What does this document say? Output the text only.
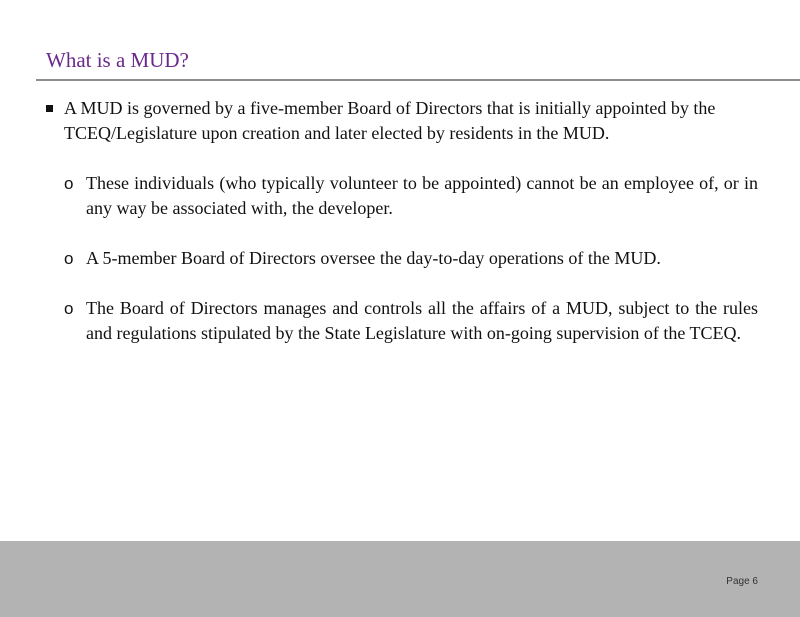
What is a MUD?
A MUD is governed by a five-member Board of Directors that is initially appointed by the TCEQ/Legislature upon creation and later elected by residents in the MUD.
o These individuals (who typically volunteer to be appointed) cannot be an employee of, or in any way be associated with, the developer.
o A 5-member Board of Directors oversee the day-to-day operations of the MUD.
o The Board of Directors manages and controls all the affairs of a MUD, subject to the rules and regulations stipulated by the State Legislature with on-going supervision of the TCEQ.
Page 6
